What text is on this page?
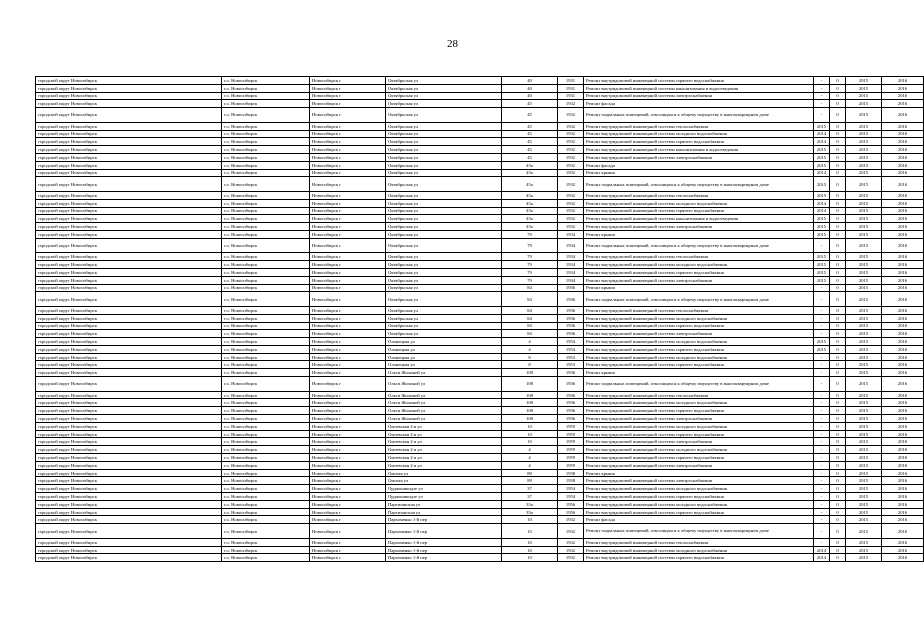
28
городской округ Новосибирск	г.о. Новосибирск	Новосибирск г	Октябрьская ул	40	1931	Ремонт внутридомовой инженерной системы горячего водоснабжения	-	0	2015	2016
городской округ Новосибирск	г.о. Новосибирск	Новосибирск г	Октябрьская ул	40	1931	Ремонт внутридомовой инженерной системы канализования и водоотведения	-	0	2015	2016
городской округ Новосибирск	г.о. Новосибирск	Новосибирск г	Октябрьская ул	40	1931	Ремонт внутридомовой инженерной системы электроснабжения	-	0	2015	2016
городской округ Новосибирск	г.о. Новосибирск	Новосибирск г	Октябрьская ул	45	1932	Ремонт фасада	-	0	2015	2016
городской округ Новосибирск	г.о. Новосибирск	Новосибирск г	Октябрьская ул	45	1932	Ремонт подвальных помещений, относящихся к общему имуществу в многоквартирном доме	-	0	2015	2016
городской округ Новосибирск	г.о. Новосибирск	Новосибирск г	Октябрьская ул	45	1932	Ремонт внутридомовой инженерной системы теплоснабжения	2015	0	2015	2016
городской округ Новосибирск	г.о. Новосибирск	Новосибирск г	Октябрьская ул	45	1932	Ремонт внутридомовой инженерной системы холодного водоснабжения	2014	0	2015	2016
городской округ Новосибирск	г.о. Новосибирск	Новосибирск г	Октябрьская ул	45	1932	Ремонт внутридомовой инженерной системы горячего водоснабжения	2014	0	2015	2016
городской округ Новосибирск	г.о. Новосибирск	Новосибирск г	Октябрьская ул	45	1932	Ремонт внутридомовой инженерной системы канализования и водоотведения	2015	0	2015	2016
городской округ Новосибирск	г.о. Новосибирск	Новосибирск г	Октябрьская ул	45	1932	Ремонт внутридомовой инженерной системы электроснабжения	2015	0	2015	2016
городской округ Новосибирск	г.о. Новосибирск	Новосибирск г	Октябрьская ул	45а	1932	Ремонт фасада	2015	0	2015	2016
городской округ Новосибирск	г.о. Новосибирск	Новосибирск г	Октябрьская ул	45а	1932	Ремонт крыши	2014	0	2015	2016
городской округ Новосибирск	г.о. Новосибирск	Новосибирск г	Октябрьская ул	45а	1932	Ремонт подвальных помещений, относящихся к общему имуществу в многоквартирном доме	2015	0	2015	2016
городской округ Новосибирск	г.о. Новосибирск	Новосибирск г	Октябрьская ул	45а	1932	Ремонт внутридомовой инженерной системы теплоснабжения	2015	0	2015	2016
городской округ Новосибирск	г.о. Новосибирск	Новосибирск г	Октябрьская ул	45а	1932	Ремонт внутридомовой инженерной системы холодного водоснабжения	2014	0	2015	2016
городской округ Новосибирск	г.о. Новосибирск	Новосибирск г	Октябрьская ул	45а	1932	Ремонт внутридомовой инженерной системы горячего водоснабжения	2014	0	2015	2016
городской округ Новосибирск	г.о. Новосибирск	Новосибирск г	Октябрьская ул	45а	1932	Ремонт внутридомовой инженерной системы канализования и водоотведения	2015	0	2015	2016
городской округ Новосибирск	г.о. Новосибирск	Новосибирск г	Октябрьская ул	45а	1932	Ремонт внутридомовой инженерной системы электроснабжения	2015	0	2015	2016
городской округ Новосибирск	г.о. Новосибирск	Новосибирск г	Октябрьская ул	79	1934	Ремонт крыши	2015	0	2015	2016
городской округ Новосибирск	г.о. Новосибирск	Новосибирск г	Октябрьская ул	79	1934	Ремонт подвальных помещений, относящихся к общему имуществу в многоквартирном доме	-	0	2015	2016
городской округ Новосибирск	г.о. Новосибирск	Новосибирск г	Октябрьская ул	79	1934	Ремонт внутридомовой инженерной системы теплоснабжения	2015	0	2015	2016
городской округ Новосибирск	г.о. Новосибирск	Новосибирск г	Октябрьская ул	79	1934	Ремонт внутридомовой инженерной системы холодного водоснабжения	2015	0	2015	2016
городской округ Новосибирск	г.о. Новосибирск	Новосибирск г	Октябрьская ул	79	1934	Ремонт внутридомовой инженерной системы горячего водоснабжения	2015	0	2015	2016
городской округ Новосибирск	г.о. Новосибирск	Новосибирск г	Октябрьская ул	79	1934	Ремонт внутридомовой инженерной системы электроснабжения	2015	0	2015	2016
городской округ Новосибирск	г.о. Новосибирск	Новосибирск г	Октябрьская ул	84	1936	Ремонт крыши	-	0	2015	2016
городской округ Новосибирск	г.о. Новосибирск	Новосибирск г	Октябрьская ул	84	1936	Ремонт подвальных помещений, относящихся к общему имуществу в многоквартирном доме	-	0	2015	2016
городской округ Новосибирск	г.о. Новосибирск	Новосибирск г	Октябрьская ул	84	1936	Ремонт внутридомовой инженерной системы теплоснабжения	-	0	2015	2016
городской округ Новосибирск	г.о. Новосибирск	Новосибирск г	Октябрьская ул	84	1936	Ремонт внутридомовой инженерной системы холодного водоснабжения	-	0	2015	2016
городской округ Новосибирск	г.о. Новосибирск	Новосибирск г	Октябрьская ул	84	1936	Ремонт внутридомовой инженерной системы горячего водоснабжения	-	0	2015	2016
городской округ Новосибирск	г.о. Новосибирск	Новосибирск г	Октябрьская ул	84	1936	Ремонт внутридомовой инженерной системы электроснабжения	-	0	2015	2016
городской округ Новосибирск	г.о. Новосибирск	Новосибирск г	Олонецкая ул	4	1954	Ремонт внутридомовой инженерной системы холодного водоснабжения	2015	0	2015	2016
городской округ Новосибирск	г.о. Новосибирск	Новосибирск г	Олонецкая ул	4	1954	Ремонт внутридомовой инженерной системы горячего водоснабжения	2015	0	2015	2016
городской округ Новосибирск	г.о. Новосибирск	Новосибирск г	Олонецкая ул	8	1953	Ремонт внутридомовой инженерной системы холодного водоснабжения	-	0	2015	2016
городской округ Новосибирск	г.о. Новосибирск	Новосибирск г	Олонецкая ул	8	1953	Ремонт внутридомовой инженерной системы горячего водоснабжения	-	0	2015	2016
городской округ Новосибирск	г.о. Новосибирск	Новосибирск г	Ольги Жилиной ул	108	1936	Ремонт крыши	-	0	2015	2016
городской округ Новосибирск	г.о. Новосибирск	Новосибирск г	Ольги Жилиной ул	108	1936	Ремонт подвальных помещений, относящихся к общему имуществу в многоквартирном доме	-	0	2015	2016
городской округ Новосибирск	г.о. Новосибирск	Новосибирск г	Ольги Жилиной ул	108	1936	Ремонт внутридомовой инженерной системы теплоснабжения	-	0	2015	2016
городской округ Новосибирск	г.о. Новосибирск	Новосибирск г	Ольги Жилиной ул	108	1936	Ремонт внутридомовой инженерной системы холодного водоснабжения	-	0	2015	2016
городской округ Новосибирск	г.о. Новосибирск	Новосибирск г	Ольги Жилиной ул	108	1936	Ремонт внутридомовой инженерной системы горячего водоснабжения	-	0	2015	2016
городской округ Новосибирск	г.о. Новосибирск	Новосибирск г	Ольги Жилиной ул	108	1936	Ремонт внутридомовой инженерной системы электроснабжения	-	0	2015	2016
городской округ Новосибирск	г.о. Новосибирск	Новосибирск г	Омлевская 2-я ул	10	1959	Ремонт внутридомовой инженерной системы холодного водоснабжения	-	0	2015	2016
городской округ Новосибирск	г.о. Новосибирск	Новосибирск г	Омлевская 2-я ул	10	1959	Ремонт внутридомовой инженерной системы горячего водоснабжения	-	0	2015	2016
городской округ Новосибирск	г.о. Новосибирск	Новосибирск г	Омлевская 2-я ул	10	1959	Ремонт внутридомовой инженерной системы электроснабжения	-	0	2015	2016
городской округ Новосибирск	г.о. Новосибирск	Новосибирск г	Омлевская 2-я ул	4	1959	Ремонт внутридомовой инженерной системы холодного водоснабжения	-	0	2015	2016
городской округ Новосибирск	г.о. Новосибирск	Новосибирск г	Омлевская 2-я ул	4	1959	Ремонт внутридомовой инженерной системы горячего водоснабжения	-	0	2015	2016
городской округ Новосибирск	г.о. Новосибирск	Новосибирск г	Омлевская 2-я ул	4	1959	Ремонт внутридомовой инженерной системы электроснабжения	-	0	2015	2016
городской округ Новосибирск	г.о. Новосибирск	Новосибирск г	Омская ул	89	1938	Ремонт крыши	-	0	2015	2016
городской округ Новосибирск	г.о. Новосибирск	Новосибирск г	Омская ул	89	1938	Ремонт внутридомовой инженерной системы электроснабжения	-	0	2015	2016
городской округ Новосибирск	г.о. Новосибирск	Новосибирск г	Орджоникидзе ул	37	1954	Ремонт внутридомовой инженерной системы холодного водоснабжения	-	0	2015	2016
городской округ Новосибирск	г.о. Новосибирск	Новосибирск г	Орджоникидзе ул	37	1954	Ремонт внутридомовой инженерной системы горячего водоснабжения	-	0	2015	2016
городской округ Новосибирск	г.о. Новосибирск	Новосибирск г	Партизанская ул	35а	1956	Ремонт внутридомовой инженерной системы холодного водоснабжения	-	0	2015	2016
городской округ Новосибирск	г.о. Новосибирск	Новосибирск г	Партизанская ул	35а	1956	Ремонт внутридомовой инженерной системы горячего водоснабжения	-	0	2015	2016
городской округ Новосибирск	г.о. Новосибирск	Новосибирск г	Пархоменко 1-й пер	10	1932	Ремонт фасада	-	0	2015	2016
городской округ Новосибирск	г.о. Новосибирск	Новосибирск г	Пархоменко 1-й пер	10	1932	Ремонт подвальных помещений, относящихся к общему имуществу в многоквартирном доме	-	0	2015	2016
городской округ Новосибирск	г.о. Новосибирск	Новосибирск г	Пархоменко 1-й пер	10	1932	Ремонт внутридомовой инженерной системы теплоснабжения	-	0	2015	2016
городской округ Новосибирск	г.о. Новосибирск	Новосибирск г	Пархоменко 1-й пер	10	1932	Ремонт внутридомовой инженерной системы холодного водоснабжения	2014	0	2015	2016
городской округ Новосибирск	г.о. Новосибирск	Новосибирск г	Пархоменко 1-й пер	10	1932	Ремонт внутридомовой инженерной системы горячего водоснабжения	2014	0	2015	2016
